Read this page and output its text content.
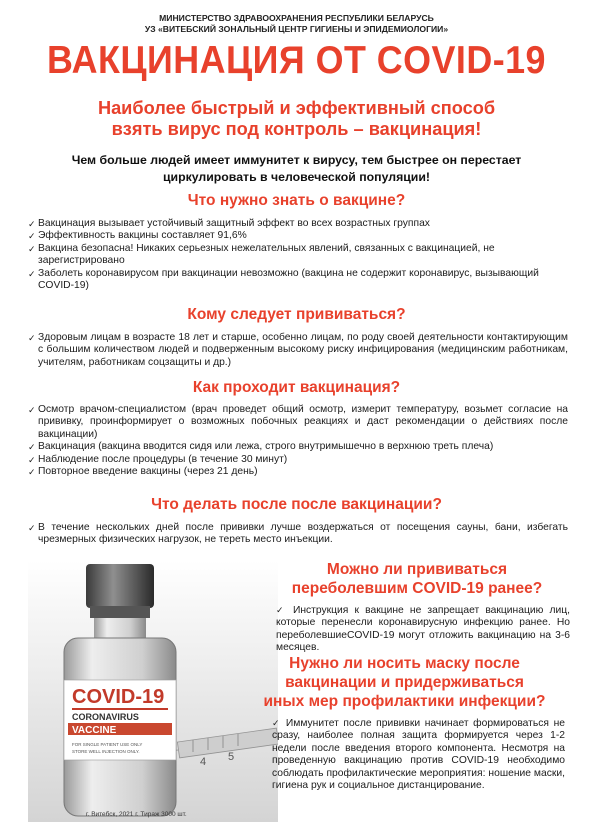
МИНИСТЕРСТВО ЗДРАВООХРАНЕНИЯ РЕСПУБЛИКИ БЕЛАРУСЬ
УЗ «ВИТЕБСКИЙ ЗОНАЛЬНЫЙ ЦЕНТР ГИГИЕНЫ И ЭПИДЕМИОЛОГИИ»
ВАКЦИНАЦИЯ ОТ COVID-19
Наиболее быстрый и эффективный способ
взять вирус под контроль – вакцинация!
Чем больше людей имеет иммунитет к вирусу, тем быстрее он перестает
циркулировать в человеческой популяции!
Что нужно знать о вакцине?
✓ Вакцинация вызывает устойчивый защитный эффект во всех возрастных группах
✓ Эффективность вакцины составляет 91,6%
✓ Вакцина безопасна! Никаких серьезных нежелательных явлений, связанных с вакцинацией, не зарегистрировано
✓ Заболеть коронавирусом при вакцинации невозможно (вакцина не содержит коронавирус, вызывающий COVID-19)
Кому следует прививаться?
✓ Здоровым лицам в возрасте 18 лет и старше, особенно лицам, по роду своей деятельности контактирующим с большим количеством людей и подверженным высокому риску инфицирования (медицинским работникам, учителям, работникам соцзащиты и др.)
Как проходит вакцинация?
✓ Осмотр врачом-специалистом (врач проведет общий осмотр, измерит температуру, возьмет согласие на прививку, проинформирует о возможных побочных реакциях и даст рекомендации о действиях после вакцинации)
✓ Вакцинация (вакцина вводится сидя или лежа, строго внутримышечно в верхнюю треть плеча)
✓ Наблюдение после процедуры (в течение 30 минут)
✓ Повторное введение вакцины (через 21 день)
Что делать после после вакцинации?
✓ В течение нескольких дней после прививки лучше воздержаться от посещения сауны, бани, избегать чрезмерных физических нагрузок, не тереть место инъекции.
4 5
COVID-19
CORONAVIRUS
VACCINE
FOR SINGLE PATIENT USE ONLY
STORE WELL INJECTION ONLY.
г. Витебск, 2021 г. Тираж 3000 шт.
Можно ли прививаться
переболевшим COVID-19 ранее?
✓ Инструкция к вакцине не запрещает вакцинацию лиц, которые перенесли коронавирусную инфекцию ранее. Но переболевшиеCOVID-19 могут отложить вакцинацию на 3-6 месяцев.
Нужно ли носить маску после
вакцинации и придерживаться
иных мер профилактики инфекции?
✓ Иммунитет после прививки начинает формироваться не сразу, наиболее полная защита формируется через 1-2 недели после введения второго компонента. Несмотря на проведенную вакцинацию против COVID-19 необходимо соблюдать профилактические мероприятия: ношение маски, гигиена рук и социальное дистанцирование.
